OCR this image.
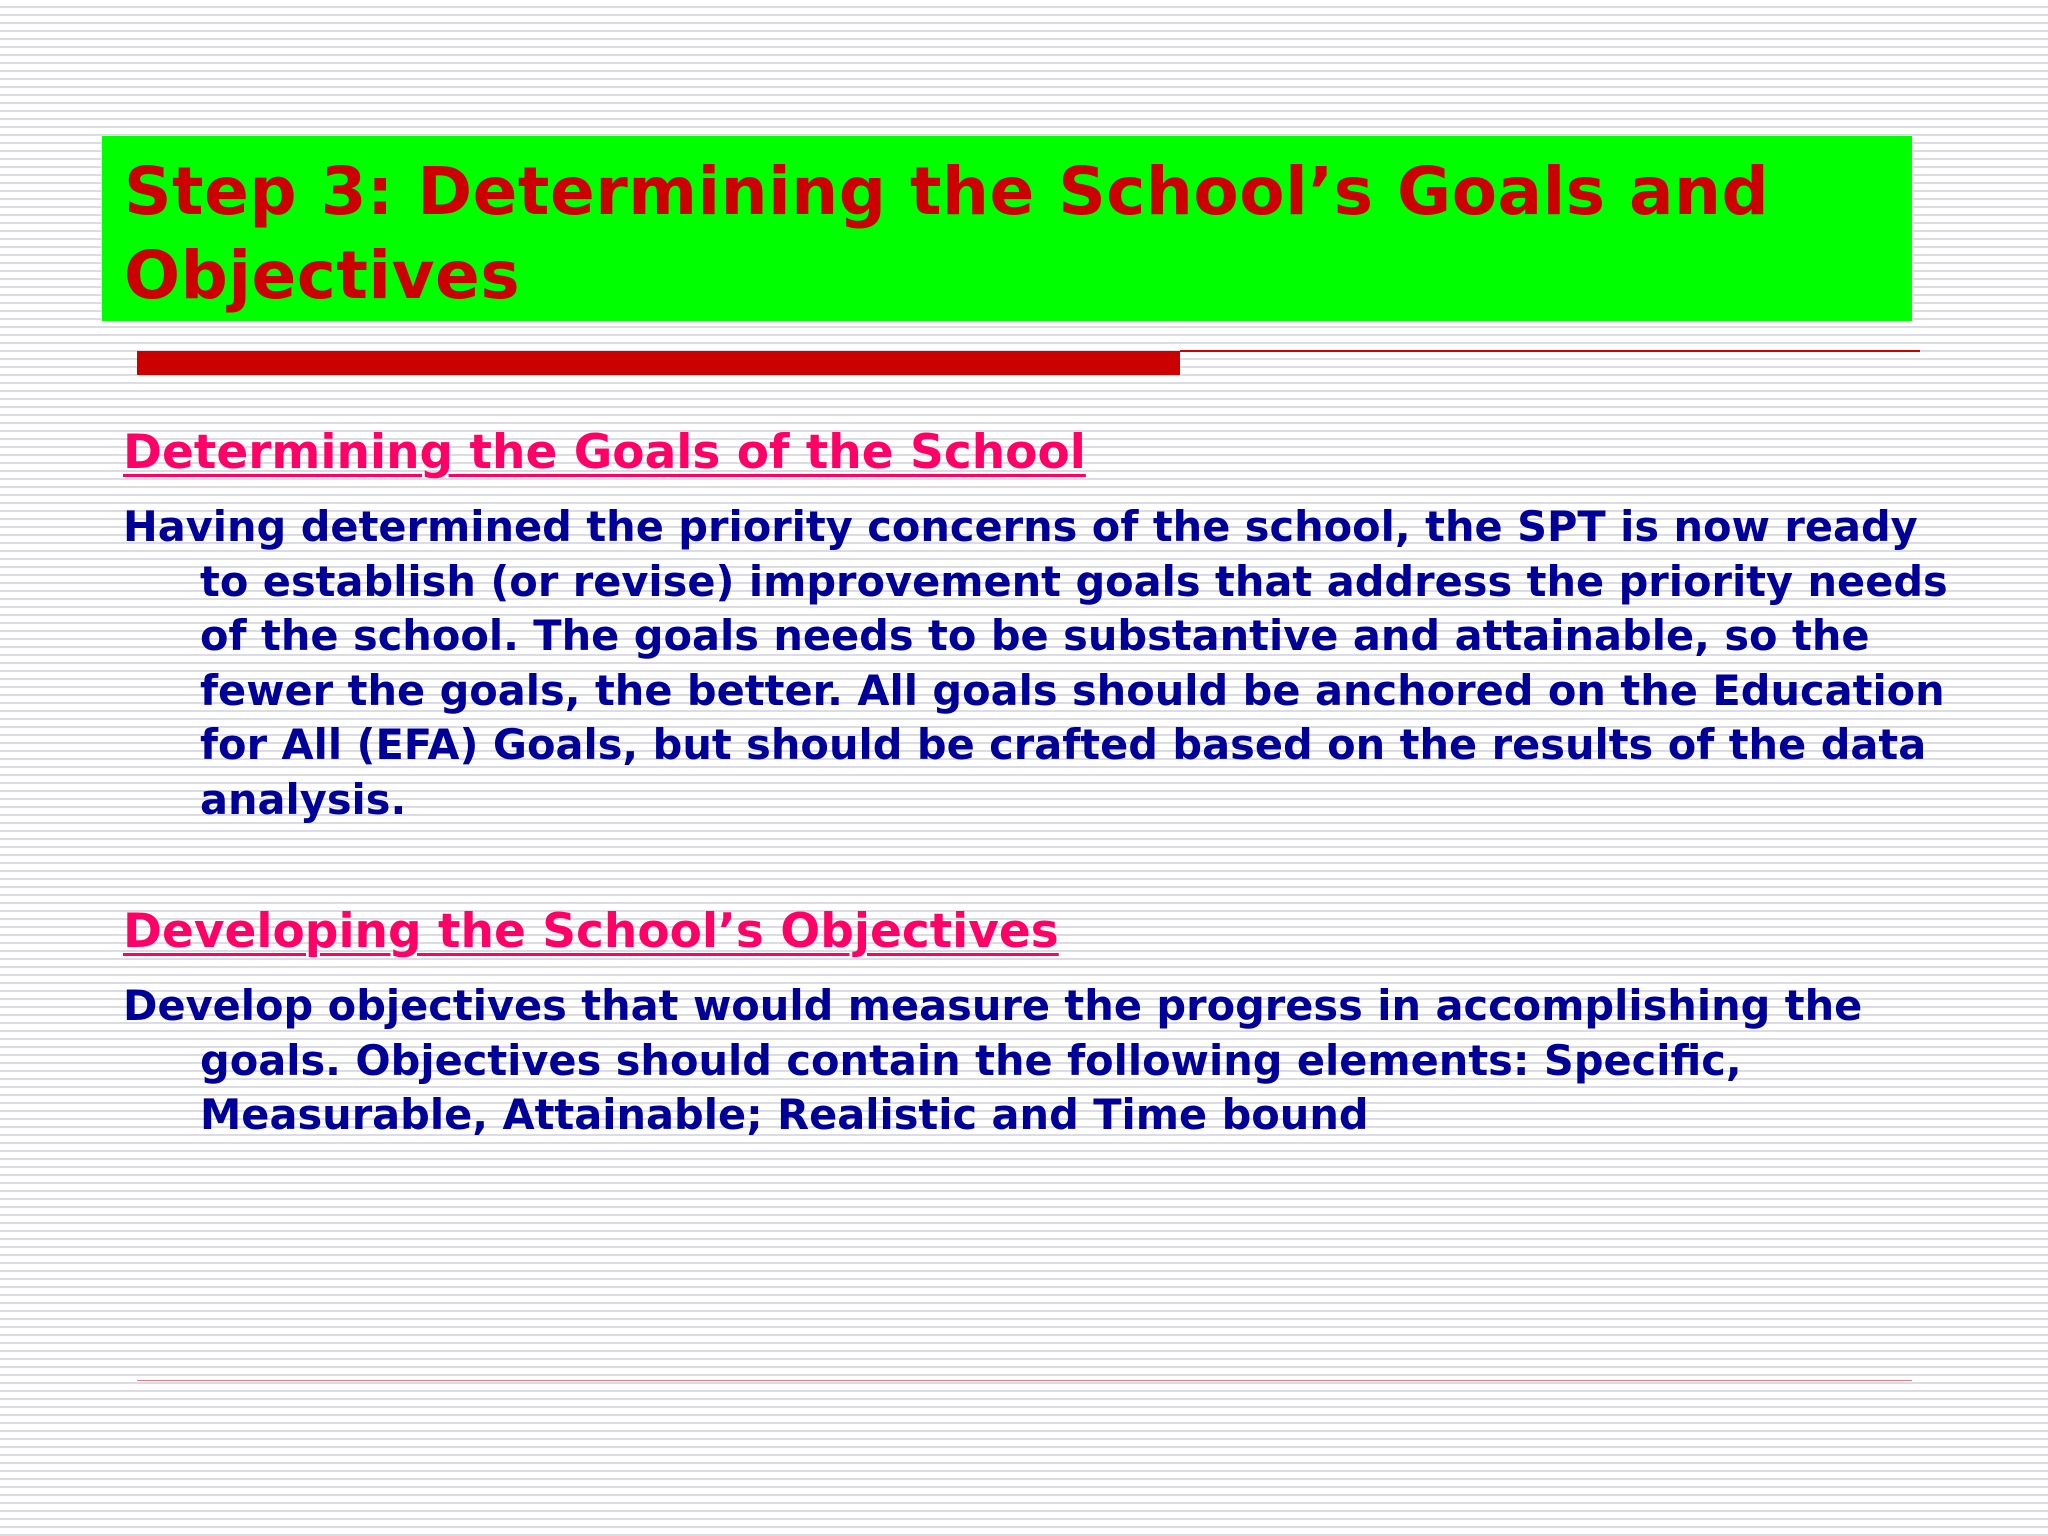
Step 3: Determining the School’s Goals and Objectives
Determining the Goals of the School

Having determined the priority concerns of the school, the SPT is now ready to establish (or revise) improvement goals that address the priority needs of the school. The goals needs to be substantive and attainable, so the fewer the goals, the better. All goals should be anchored on the Education for All (EFA) Goals, but should be crafted based on the results of the data analysis.

Developing the School’s Objectives

Develop objectives that would measure the progress in accomplishing the goals. Objectives should contain the following elements: Specific, Measurable, Attainable; Realistic and Time bound
